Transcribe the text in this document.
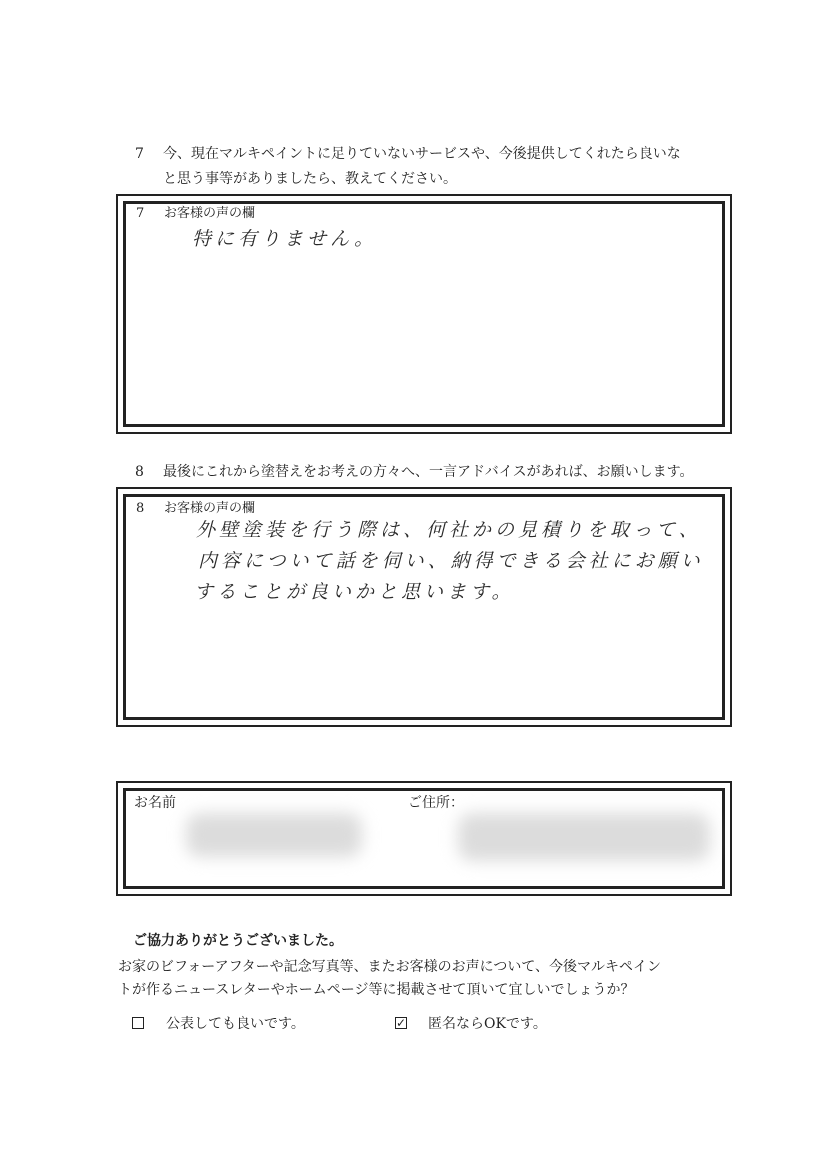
7 今、現在マルキペイントに足りていないサービスや、今後提供してくれたら良いな
と思う事等がありましたら、教えてください。
7 お客様の声の欄
特に有りません。
8 最後にこれから塗替えをお考えの方々へ、一言アドバイスがあれば、お願いします。
8 お客様の声の欄
外壁塗装を行う際は、何社かの見積りを取って、
内容について話を伺い、納得できる会社にお願い
することが良いかと思います。
お名前	ご住所：
ご協力ありがとうございました。
お家のビフォーアフターや記念写真等、またお客様のお声について、今後マルキペイン
トが作るニュースレターやホームページ等に掲載させて頂いて宜しいでしょうか？
公表しても良いです。	✓ 匿名ならOKです。
